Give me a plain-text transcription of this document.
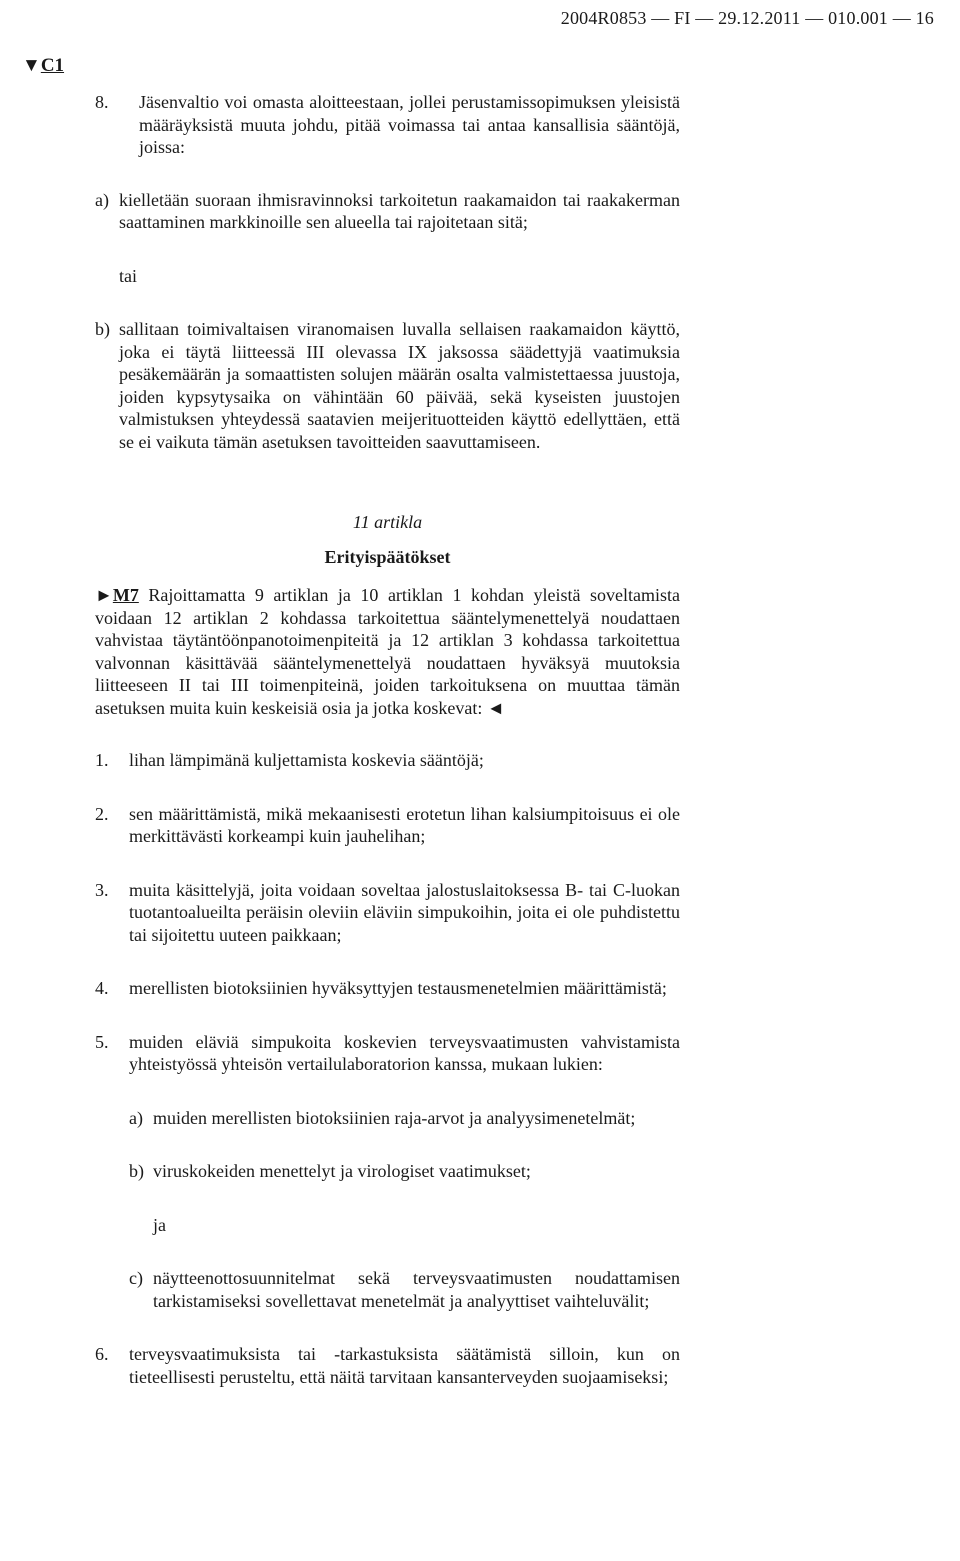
2004R0853 — FI — 29.12.2011 — 010.001 — 16
▼C1
8.	Jäsenvaltio voi omasta aloitteestaan, jollei perustamissopimuksen yleisistä määräyksistä muuta johdu, pitää voimassa tai antaa kansallisia sääntöjä, joissa:
a) kielletään suoraan ihmisravinnoksi tarkoitetun raakamaidon tai raakakerman saattaminen markkinoille sen alueella tai rajoitetaan sitä;

tai

b) sallitaan toimivaltaisen viranomaisen luvalla sellaisen raakamaidon käyttö, joka ei täytä liitteessä III olevassa IX jaksossa säädettyjä vaatimuksia pesäkemäärän ja somaattisten solujen määrän osalta valmistettaessa juustoja, joiden kypsytysaika on vähintään 60 päivää, sekä kyseisten juustojen valmistuksen yhteydessä saatavien meijerituotteiden käyttö edellyttäen, että se ei vaikuta tämän asetuksen tavoitteiden saavuttamiseen.

11 artikla

Erityispäätökset

►M7 Rajoittamatta 9 artiklan ja 10 artiklan 1 kohdan yleistä soveltamista voidaan 12 artiklan 2 kohdassa tarkoitettua sääntelymenettelyä noudattaen vahvistaa täytäntöönpanotoimenpiteitä ja 12 artiklan 3 kohdassa tarkoitettua valvonnan käsittävää sääntelymenettelyä noudattaen hyväksyä muutoksia liitteeseen II tai III toimenpiteinä, joiden tarkoituksena on muuttaa tämän asetuksen muita kuin keskeisiä osia ja jotka koskevat: ◄

1.	lihan lämpimänä kuljettamista koskevia sääntöjä;
2.	sen määrittämistä, mikä mekaanisesti erotetun lihan kalsiumpitoisuus ei ole merkittävästi korkeampi kuin jauhelihan;
3.	muita käsittelyjä, joita voidaan soveltaa jalostuslaitoksessa B- tai C-luokan tuotantoalueilta peräisin oleviin eläviin simpukoihin, joita ei ole puhdistettu tai sijoitettu uuteen paikkaan;
4.	merellisten biotoksiinien hyväksyttyjen testausmenetelmien määrittämistä;
5.	muiden eläviä simpukoita koskevien terveysvaatimusten vahvistamista yhteistyössä yhteisön vertailulaboratorion kanssa, mukaan lukien:
a) muiden merellisten biotoksiinien raja-arvot ja analyysimenetelmät;
b) viruskokeiden menettelyt ja virologiset vaatimukset;

ja

c) näytteenottosuunnitelmat sekä terveysvaatimusten noudattamisen tarkistamiseksi sovellettavat menetelmät ja analyyttiset vaihteluvälit;
6.	terveysvaatimuksista tai -tarkastuksista säätämistä silloin, kun on tieteellisesti perusteltu, että näitä tarvitaan kansanterveyden suojaamiseksi;
